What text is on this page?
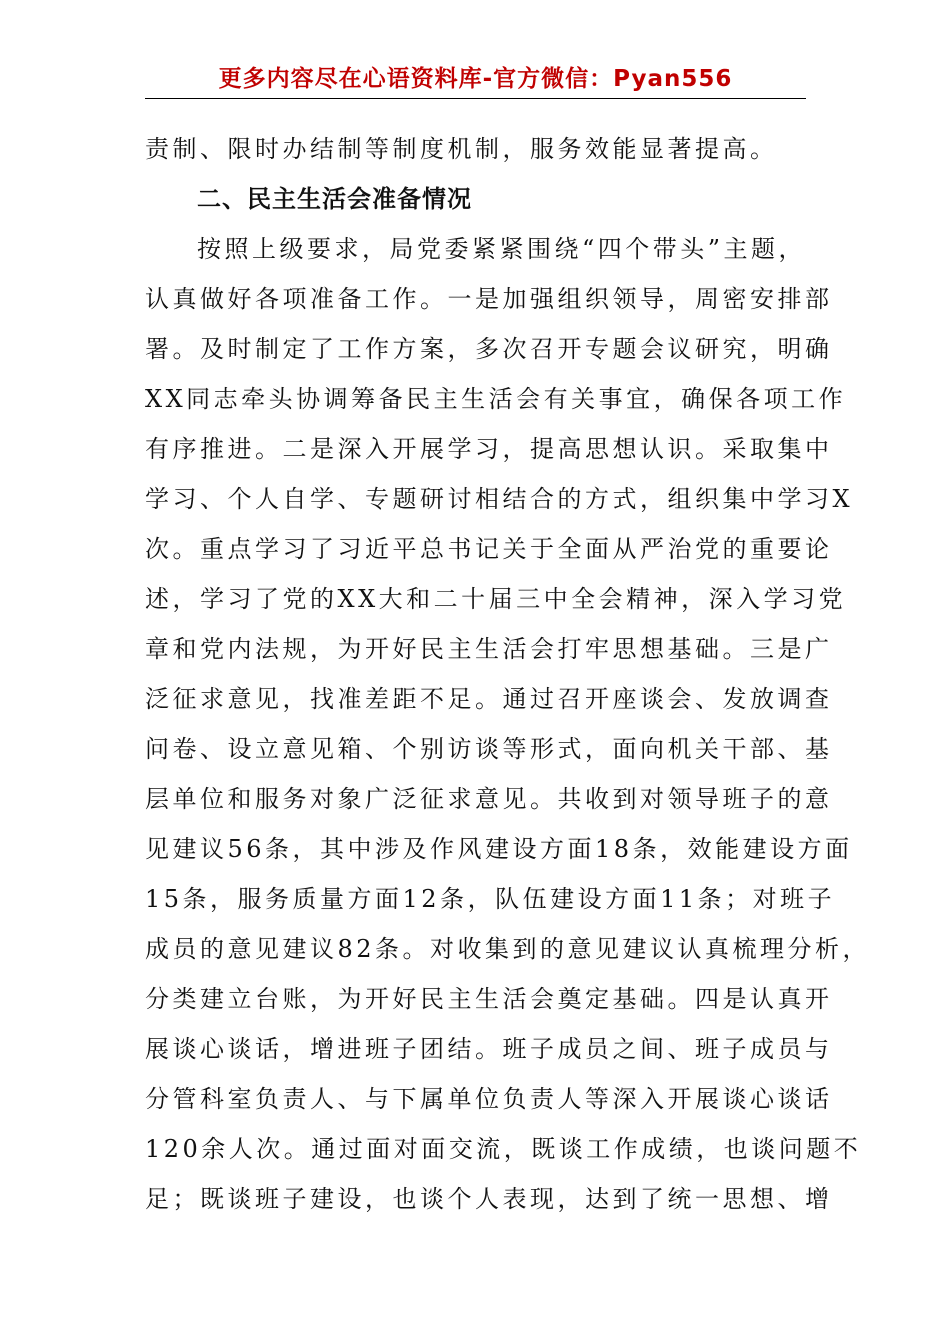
更多内容尽在心语资料库-官方微信：Pyan556
责制、限时办结制等制度机制，服务效能显著提高。
二、民主生活会准备情况
按照上级要求，局党委紧紧围绕“四个带头”主题，
认真做好各项准备工作。一是加强组织领导，周密安排部
署。及时制定了工作方案，多次召开专题会议研究，明确
XX同志牵头协调筹备民主生活会有关事宜，确保各项工作
有序推进。二是深入开展学习，提高思想认识。采取集中
学习、个人自学、专题研讨相结合的方式，组织集中学习X
次。重点学习了习近平总书记关于全面从严治党的重要论
述，学习了党的XX大和二十届三中全会精神，深入学习党
章和党内法规，为开好民主生活会打牢思想基础。三是广
泛征求意见，找准差距不足。通过召开座谈会、发放调查
问卷、设立意见箱、个别访谈等形式，面向机关干部、基
层单位和服务对象广泛征求意见。共收到对领导班子的意
见建议56条，其中涉及作风建设方面18条，效能建设方面
15条，服务质量方面12条，队伍建设方面11条；对班子
成员的意见建议82条。对收集到的意见建议认真梳理分析，
分类建立台账，为开好民主生活会奠定基础。四是认真开
展谈心谈话，增进班子团结。班子成员之间、班子成员与
分管科室负责人、与下属单位负责人等深入开展谈心谈话
120余人次。通过面对面交流，既谈工作成绩，也谈问题不
足；既谈班子建设，也谈个人表现，达到了统一思想、增
